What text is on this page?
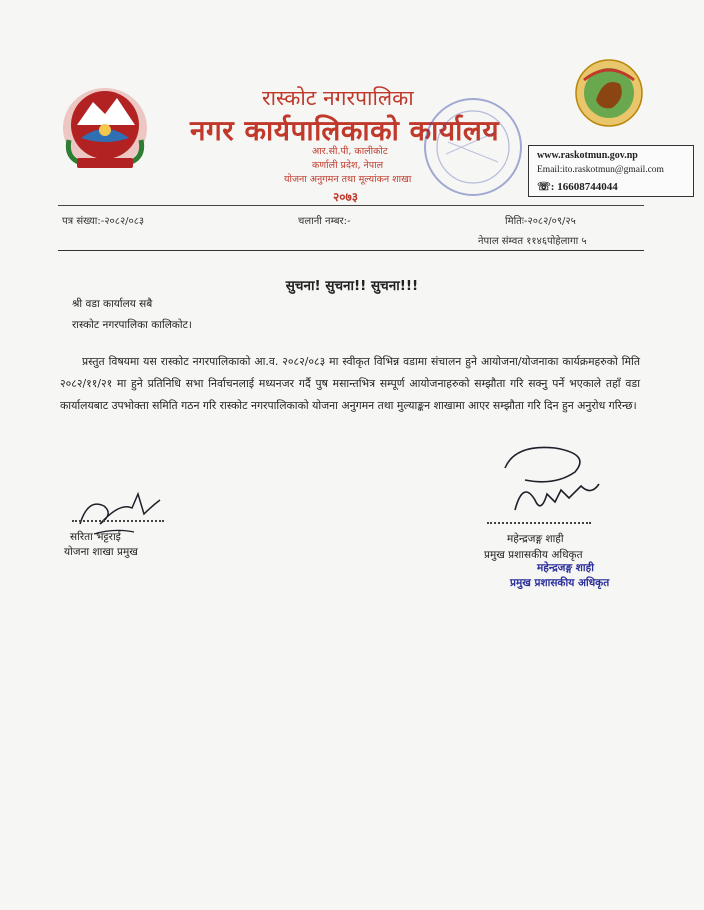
रास्कोट नगरपालिका
नगर कार्यपालिकाको कार्यालय
आर.सी.पी, कालीकोट
कर्णाली प्रदेश, नेपाल
योजना अनुगमन तथा मूल्यांकन शाखा
२०७३
www.raskotmun.gov.np
Email:ito.raskotmun@gmail.com
☏: 16608744044
पत्र संख्या:-२०८२/०८३	चलानी नम्बर:-	मितिः-२०८२/०९/२५
नेपाल संम्वत ११४६पोहेलागा ५
सुचना! सुचना!! सुचना!!!
श्री वडा कार्यालय सबै
रास्कोट नगरपालिका कालिकोट।
प्रस्तुत विषयमा यस रास्कोट नगरपालिकाको आ.व. २०८२/०८३ मा स्वीकृत विभिन्न वडामा संचालन हुने आयोजना/योजनाका कार्यक्रमहरुको मिति २०८२/११/२१ मा हुने प्रतिनिधि सभा निर्वाचनलाई मध्यनजर गर्दै पुष मसान्तभित्र सम्पूर्ण आयोजनाहरुको सम्झौता गरि सक्नु पर्ने भएकाले तहाँ वडा कार्यालयबाट उपभोक्ता समिति गठन गरि रास्कोट नगरपालिकाको योजना अनुगमन तथा मुल्याङ्कन शाखामा आएर सम्झौता गरि दिन हुन अनुरोध गरिन्छ।
सरिता भट्टराई
योजना शाखा प्रमुख
महेन्द्रजङ्ग शाही
प्रमुख प्रशासकीय अधिकृत
महेन्द्रजङ्ग शाही
प्रमुख प्रशासकीय अधिकृत
